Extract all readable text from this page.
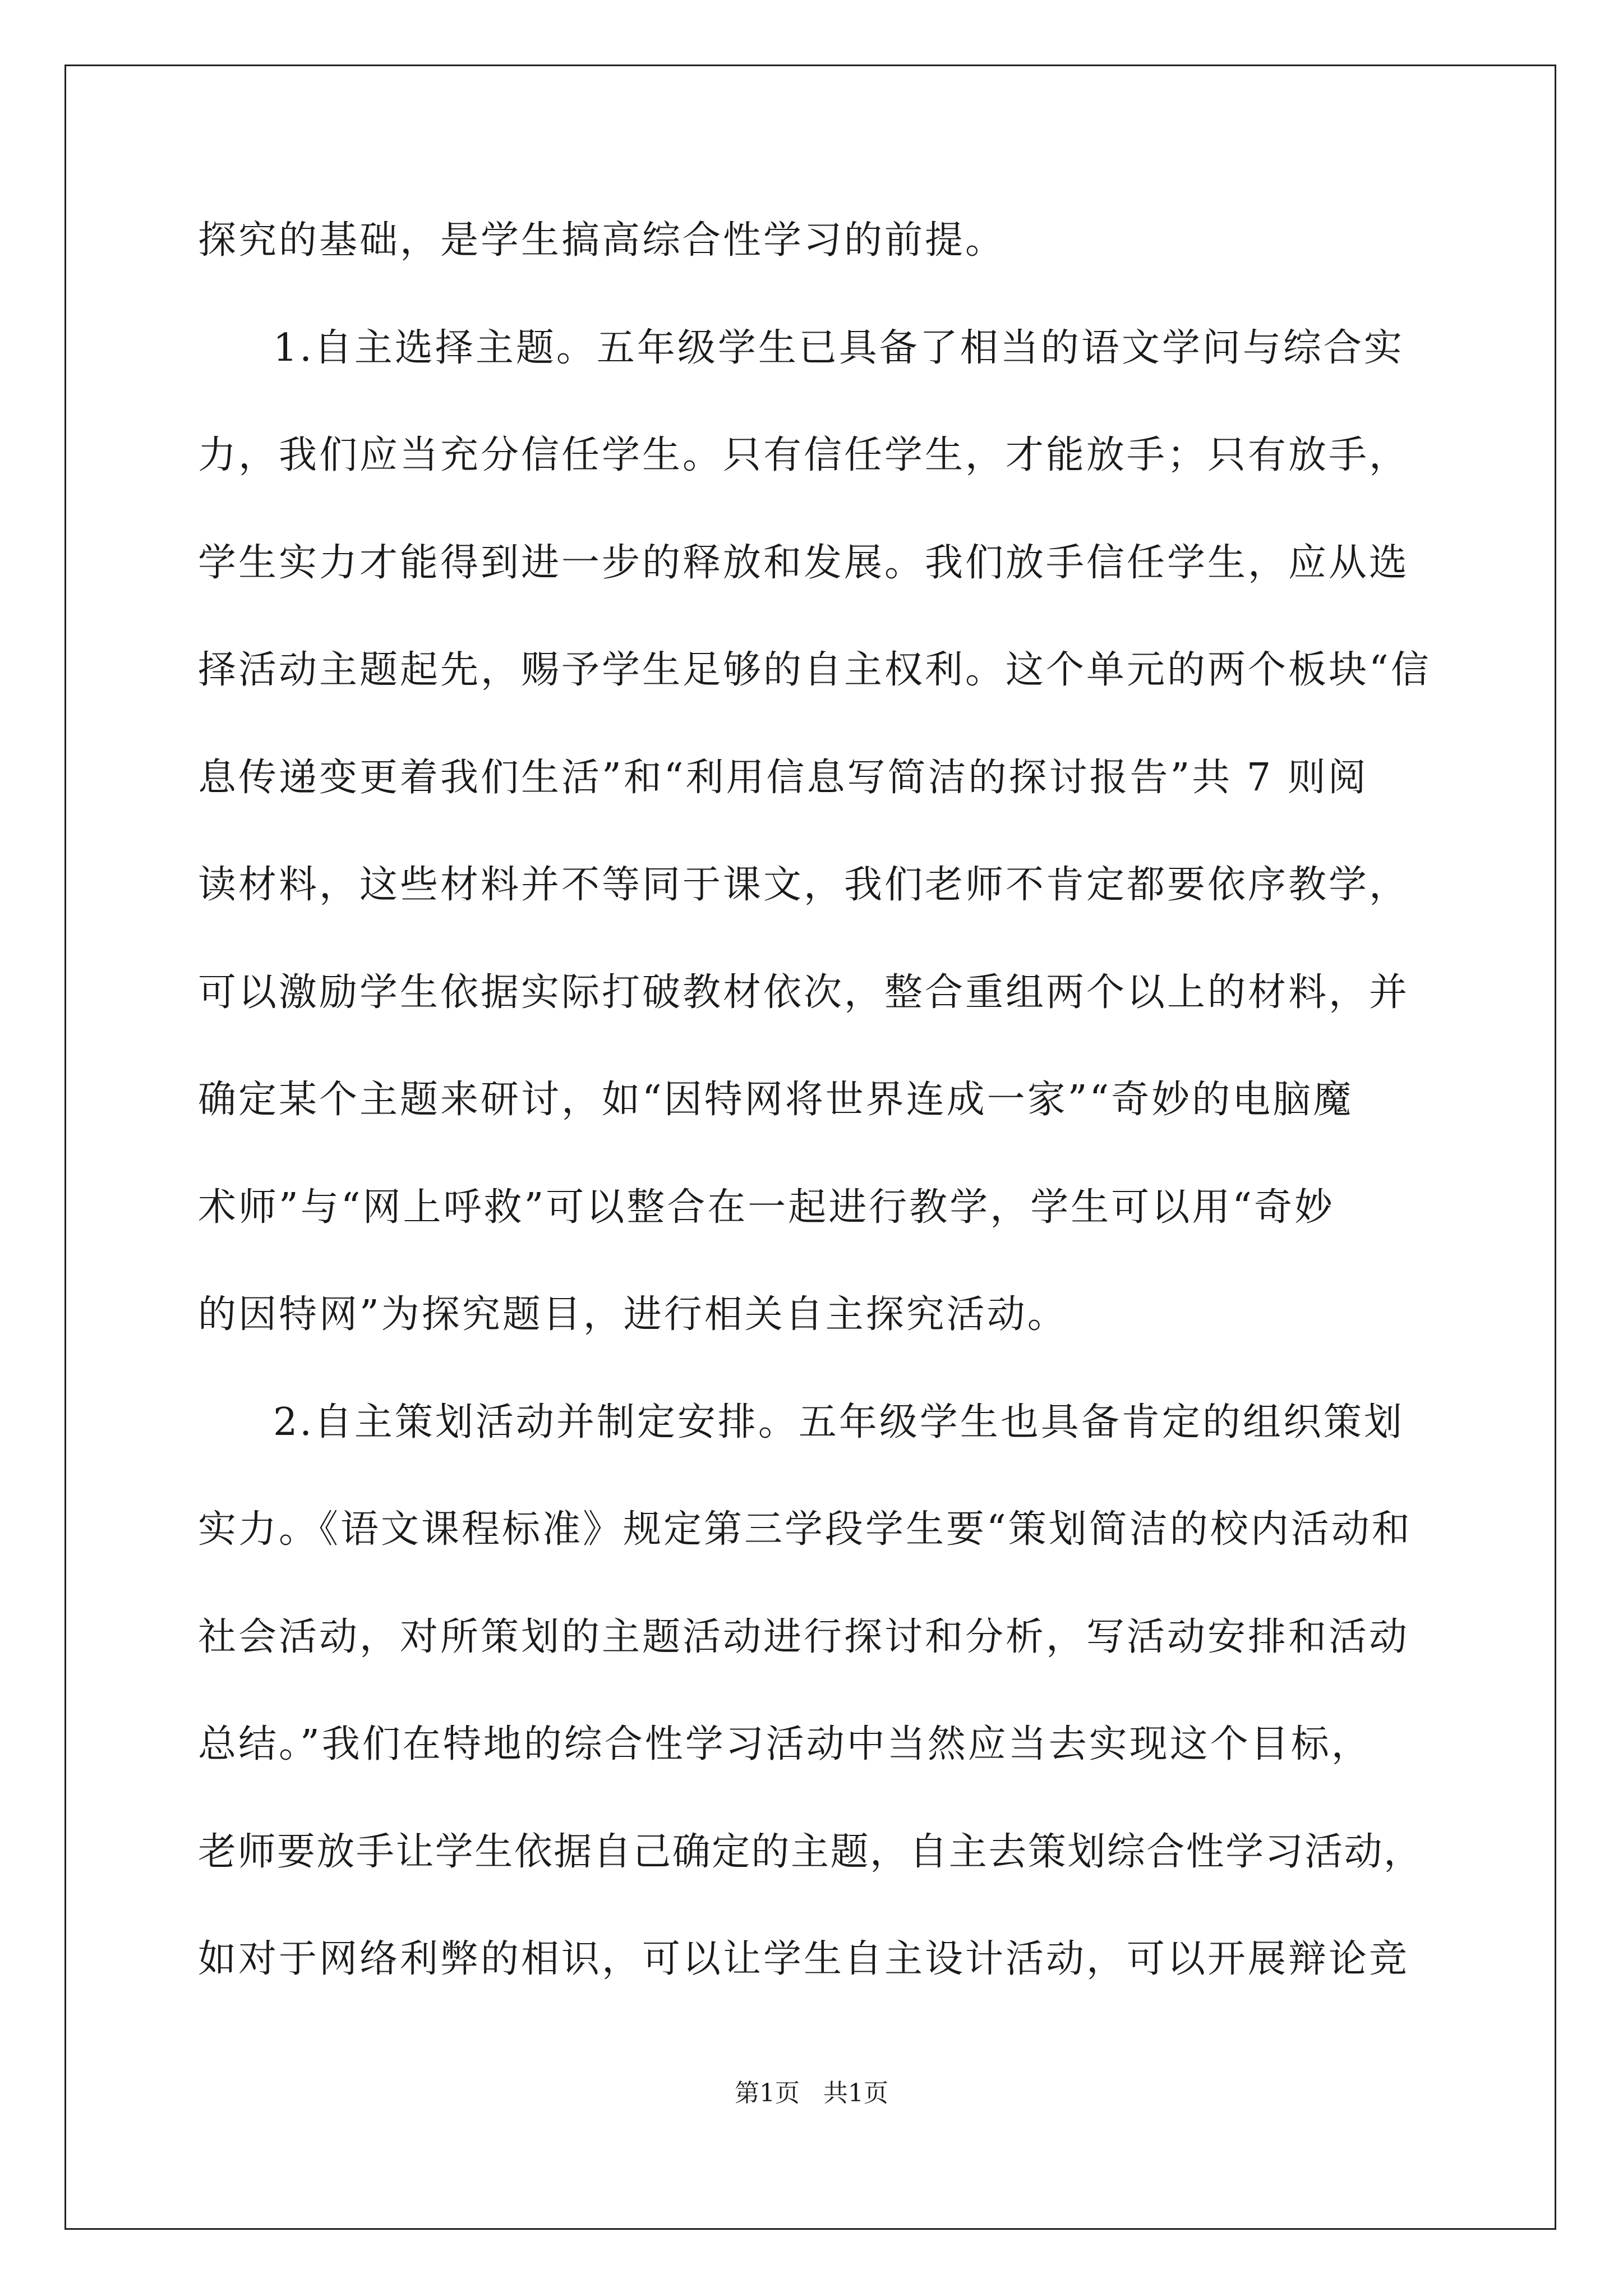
探究的基础，是学生搞高综合性学习的前提。
1.自主选择主题。五年级学生已具备了相当的语文学问与综合实
力，我们应当充分信任学生。只有信任学生，才能放手；只有放手，
学生实力才能得到进一步的释放和发展。我们放手信任学生，应从选
择活动主题起先，赐予学生足够的自主权利。这个单元的两个板块“信
息传递变更着我们生活”和“利用信息写简洁的探讨报告”共 7 则阅
读材料，这些材料并不等同于课文，我们老师不肯定都要依序教学，
可以激励学生依据实际打破教材依次，整合重组两个以上的材料，并
确定某个主题来研讨，如“因特网将世界连成一家”“奇妙的电脑魔
术师”与“网上呼救”可以整合在一起进行教学，学生可以用“奇妙
的因特网”为探究题目，进行相关自主探究活动。
2.自主策划活动并制定安排。五年级学生也具备肯定的组织策划
实力。《语文课程标准》规定第三学段学生要“策划简洁的校内活动和
社会活动，对所策划的主题活动进行探讨和分析，写活动安排和活动
总结。”我们在特地的综合性学习活动中当然应当去实现这个目标，
老师要放手让学生依据自己确定的主题，自主去策划综合性学习活动，
如对于网络利弊的相识，可以让学生自主设计活动，可以开展辩论竞
第1页   共1页
